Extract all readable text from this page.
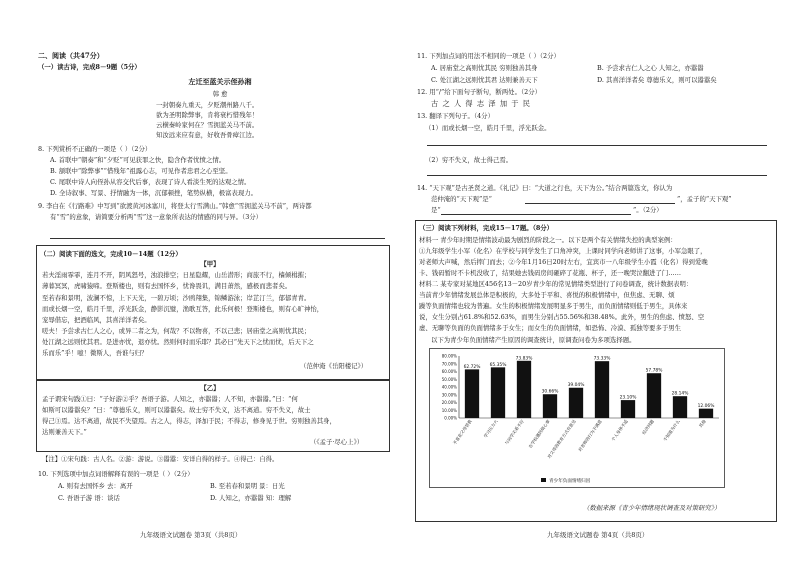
二、阅读（共47分）
（一）读古诗，完成8－9题（5分）
左迁至蓝关示侄孙湘
韩 愈
一封朝奏九重天，夕贬潮州路八千。
欲为圣明除弊事，肯将衰朽惜残年！
云横秦岭家何在？雪拥蓝关马不前。
知汝远来应有意，好收吾骨瘴江边。
8. 下列赏析不正确的一项是（ ）（2分）
A. 首联中“朝奏”和“夕贬”可见获罪之快，隐含作者忧愤之情。
B. 颔联中“除弊事”“惜残年”祖露心志，可见作者忠君之心至坚。
C. 尾联中诗人向侄孙从容交代后事，表现了诗人看淡生死的达观之情。
D. 全诗叙事、写景、抒情融为一体，沉郁顿挫，笔势纵横，极富表现力。
9. 李白在《行路难》中写到“欲渡黄河冰塞川，将登太行雪满山。”韩愈“雪拥蓝关马不前”，两诗都
有“雪”的意象，请简要分析两“雪”这一意象所表达的情感的同与异。（3分）
（二）阅读下面的选文，完成10－14题（12分）
【甲】
若夫淫雨霏霏，连月不开，阴风怒号，浊浪排空；日星隐耀，山岳潜形；商旅不行，樯倾楫摧；
薄暮冥冥，虎啸猿啼。登斯楼也，则有去国怀乡，忧谗畏讥，满目萧然，感极而悲者矣。
至若春和景明，波澜不惊，上下天光，一碧万顷；沙鸥翔集，锦鳞游泳；岸芷汀兰，郁郁青青。
而或长烟一空，皓月千里，浮光跃金，静影沉璧，渔歌互答，此乐何极！登斯楼也，则有心旷神怡，
宠辱偕忘，把酒临风，其喜洋洋者矣。
嗟夫！予尝求古仁人之心，或异二者之为，何哉？不以物喜，不以己悲；居庙堂之高则忧其民；
处江湖之远则忧其君。是进亦忧，退亦忧。然则何时而乐耶？其必曰“先天下之忧而忧，后天下之
乐而乐”乎！噫！微斯人，吾谁与归？
（范仲淹《岳阳楼记》）
【乙】
孟子谓宋句践①曰：“子好游②乎？吾语子游。人知之，亦嚣嚣；人不知，亦嚣嚣。”曰：“何
如斯可以嚣嚣矣？”曰：“尊德乐义，则可以嚣嚣矣。故士穷不失义，达不离道。穷不失义，故士
得己③焉。达不离道，故民不失望焉。古之人，得志，泽加于民；不得志，修身见于世。穷则独善其身，
达则兼善天下。”
（《孟子·尽心上》）
【注】①宋句践：古人名。②游：游说。③嚣嚣：安详自得的样子。④得己：自得。
10. 下列选项中加点词语解释有误的一项是（ ）（2分）
A. 则有去国怀乡 去：离开	B. 至若春和景明 景：日光
C. 吾语子游 语：谈话	D. 人知之，亦嚣嚣 知：理解
九年级语文试题卷 第3页（共8页）
11. 下列加点词的用法不相同的一项是（ ）（2分）
A. 居庙堂之高则忧其民 穷则独善其身	B. 予尝求古仁人之心 人知之，亦嚣嚣
C. 处江湖之远则忧其君 达则兼善天下	D. 其喜洋洋者矣 尊德乐义，则可以嚣嚣矣
12. 用“/”给下面句子断句，断两处。（2分）
古 之 人 得 志 泽 加 于 民
13. 翻译下列句子。（4分）
（1）而或长烟一空，皓月千里，浮光跃金。
（2）穷不失义，故士得己焉。
14. “天下观”是古圣贤之道。《礼记》曰：“大道之行也，天下为公。”结合两篇选文，你认为
范仲淹的“天下观”是“	”，孟子的“天下观”
是“	”。（2分）
（三）阅读下列材料，完成15－17题。（8分）
材料一 青少年时期是情绪波动最为剧烈的阶段之一。以下是两个有关情绪失控的典型案例：
①九年级学生小军（化名）在学校与同学发生了口角冲突，上课时同学向老师讲了这事，小军急眼了，
对老师大声喊，然后摔门而去；②今年1月16日20时左右，宜宾市一八年级学生小霞（化名）得到爱晚
卡、钱码暂时不卡机没收了，结果她去钱码房间砸碎了花瓶、杯子，还一晚哭泣翻进了门……
材料二 某专家对某地区456名13－20岁青少年的常见情绪类型进行了问卷调查，统计数据表明：
当前青少年情绪发展总体是积极的，大多处于平和、喜悦的积极情绪中，但焦虑、无聊、烦
躁等负面情绪也较为普遍。女生的积极情绪发展明显多于男生，而负面情绪则低于男生，具体来
说，女生分别占61.8%和52.63%，而男生分别占55.56%和38.48%。此外，男生的焦虑、愤怒、空
虚、无聊等负面的负面情绪多于女生；而女生的负面情绪，如恐怖、冷漠、孤独等要多于男生
以下为青少年负面情绪产生原因的调查统计，原调查问卷为多项选择题。
0.00%
10.00%
20.00%
30.00%
40.00%
50.00%
60.00%
70.00%
80.00%
62.72% 65.35%
73.83%
30.66%
39.04%
73.33%
23.10%
57.78%
28.14%
12.06%
不喜欢父母管教	学习压力大	与同学关系不好 在学校遇到烦心事
对父母的教育方式有意见 对老师的行为不满意	个人身体不适	经济问题	不知道为什么	其他
青少年负面情绪归因
（数据来源《青少年情绪现状调查及对策研究》）
九年级语文试题卷 第4页（共8页）
